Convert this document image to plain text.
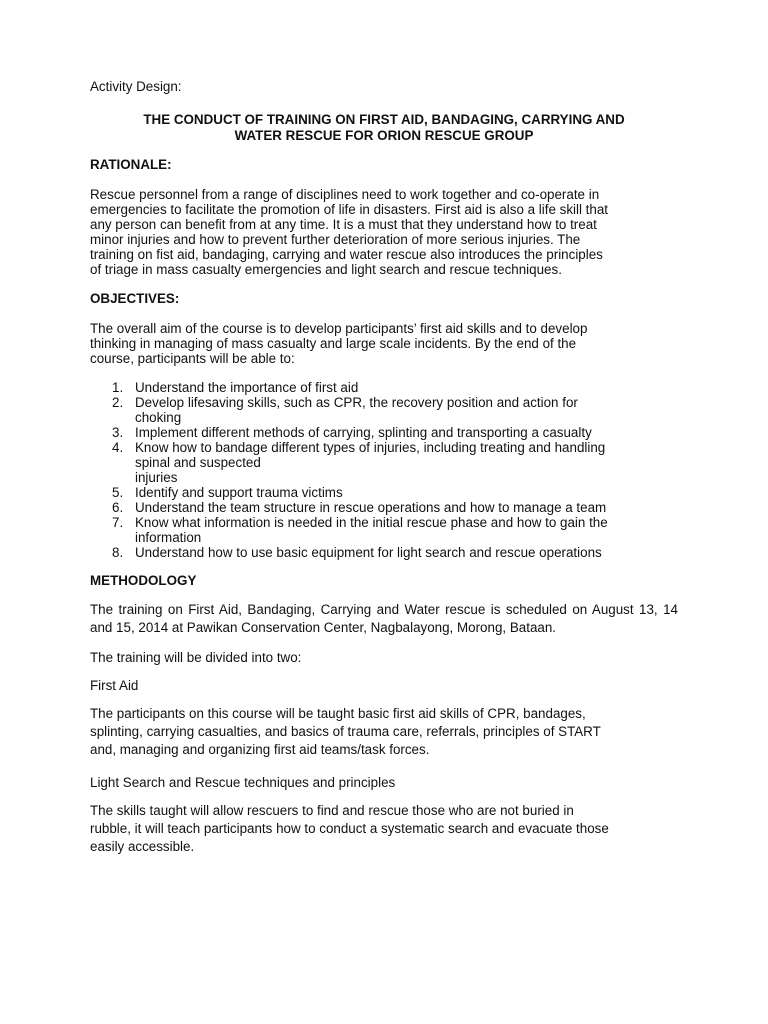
Activity Design:

THE CONDUCT OF TRAINING ON FIRST AID, BANDAGING, CARRYING AND
WATER RESCUE FOR ORION RESCUE GROUP
RATIONALE:

Rescue personnel from a range of disciplines need to work together and co-operate in

emergencies to facilitate the promotion of life in disasters. First aid is also a life skill that

any person can benefit from at any time. It is a must that they understand how to treat

minor injuries and how to prevent further deterioration of more serious injuries. The

training on fist aid, bandaging, carrying and water rescue also introduces the principles

of triage in mass casualty emergencies and light search and rescue techniques.

OBJECTIVES:

The overall aim of the course is to develop participants’ first aid skills and to develop

thinking in managing of mass casualty and large scale incidents. By the end of the

course, participants will be able to:

1. Understand the importance of first aid
2. Develop lifesaving skills, such as CPR, the recovery position and action for
choking
3. Implement different methods of carrying, splinting and transporting a casualty
4. Know how to bandage different types of injuries, including treating and handling
spinal and suspected
injuries
5. Identify and support trauma victims
6. Understand the team structure in rescue operations and how to manage a team
7. Know what information is needed in the initial rescue phase and how to gain the
information
8. Understand how to use basic equipment for light search and rescue operations
METHODOLOGY

The training on First Aid, Bandaging, Carrying and Water rescue is scheduled on August 13, 14 and 15, 2014 at Pawikan Conservation Center, Nagbalayong, Morong, Bataan.

The training will be divided into two:

First Aid

The participants on this course will be taught basic first aid skills of CPR, bandages,

splinting, carrying casualties, and basics of trauma care, referrals, principles of START

and, managing and organizing first aid teams/task forces.

Light Search and Rescue techniques and principles

The skills taught will allow rescuers to find and rescue those who are not buried in

rubble, it will teach participants how to conduct a systematic search and evacuate those

easily accessible.
